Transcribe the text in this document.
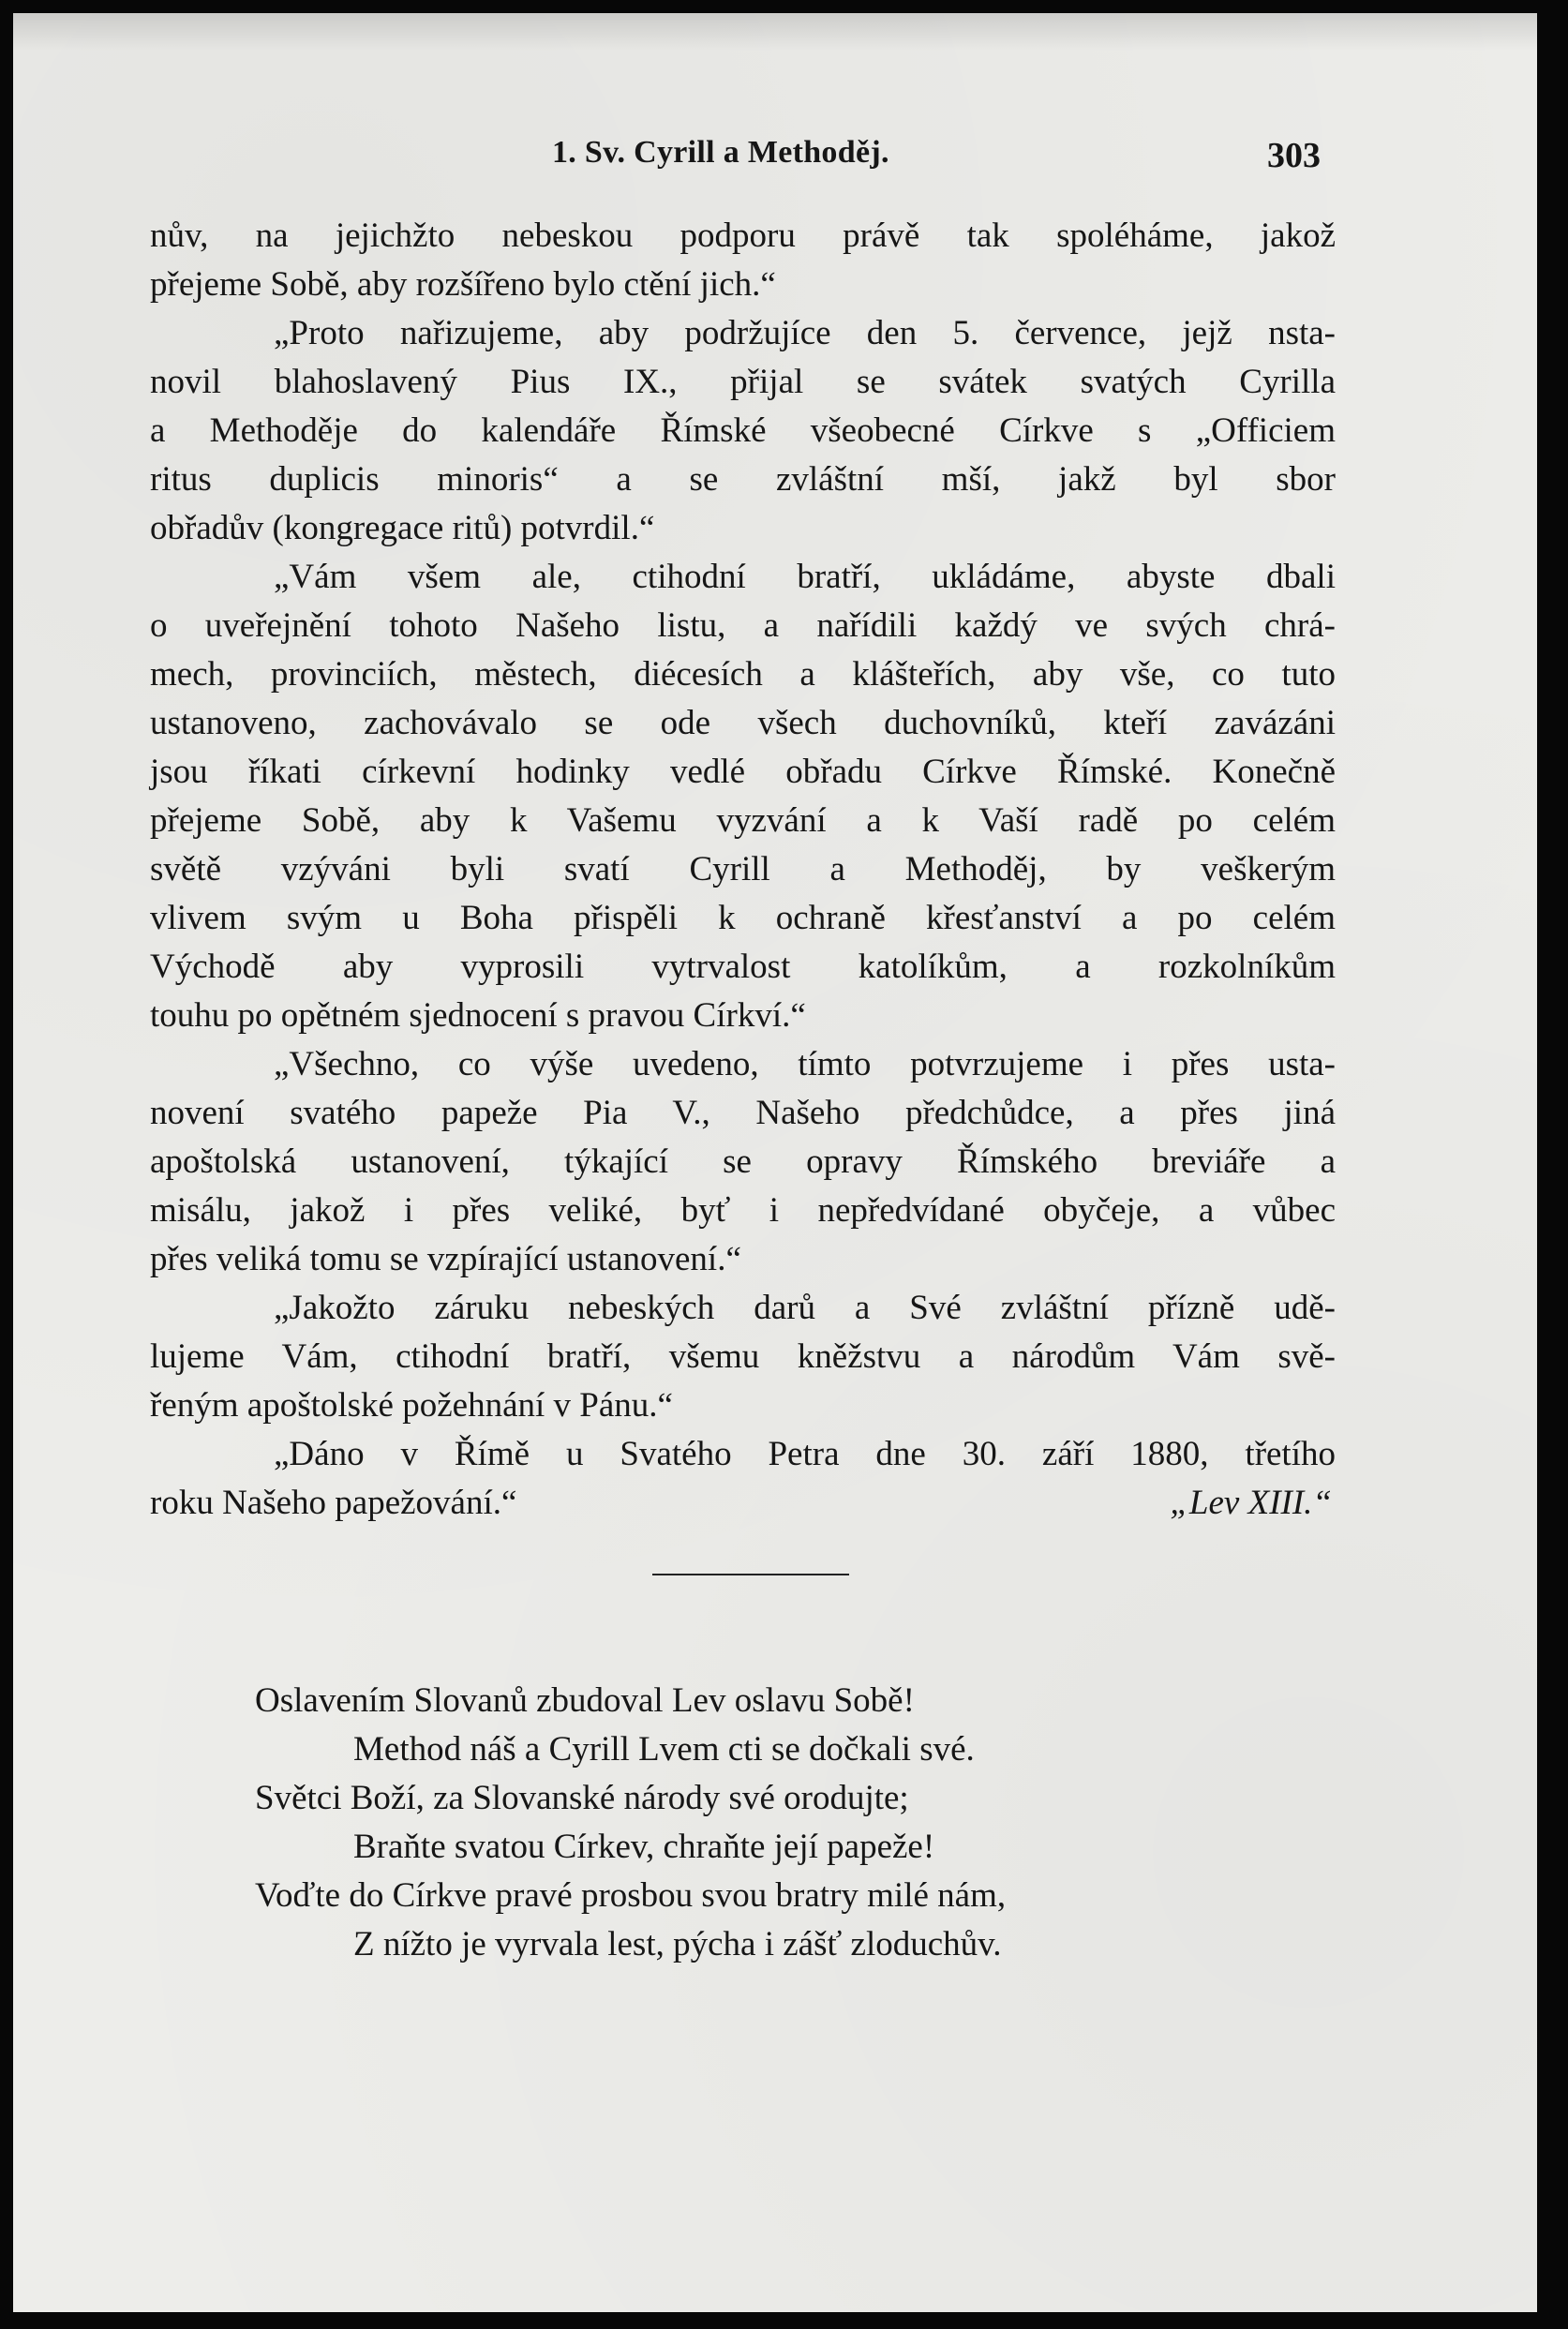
1. Sv. Cyrill a Methoděj.	303
nův, na jejichžto nebeskou podporu právě tak spoléháme, jakož
přejeme Sobě, aby rozšířeno bylo ctění jich.“
„Proto nařizujeme, aby podržujíce den 5. července, jejž nsta-
novil blahoslavený Pius IX., přijal se svátek svatých Cyrilla
a Methoděje do kalendáře Římské všeobecné Církve s „Officiem
ritus duplicis minoris“ a se zvláštní mší, jakž byl sbor
obřadův (kongregace ritů) potvrdil.“
„Vám všem ale, ctihodní bratří, ukládáme, abyste dbali
o uveřejnění tohoto Našeho listu, a nařídili každý ve svých chrá-
mech, provinciích, městech, diécesích a klášteřích, aby vše, co tuto
ustanoveno, zachovávalo se ode všech duchovníků, kteří zavázáni
jsou říkati církevní hodinky vedlé obřadu Církve Římské. Konečně
přejeme Sobě, aby k Vašemu vyzvání a k Vaší radě po celém
světě vzýváni byli svatí Cyrill a Methoděj, by veškerým
vlivem svým u Boha přispěli k ochraně křesťanství a po celém
Východě aby vyprosili vytrvalost katolíkům, a rozkolníkům
touhu po opětném sjednocení s pravou Církví.“
„Všechno, co výše uvedeno, tímto potvrzujeme i přes usta-
novení svatého papeže Pia V., Našeho předchůdce, a přes jiná
apoštolská ustanovení, týkající se opravy Římského breviáře a
misálu, jakož i přes veliké, byť i nepředvídané obyčeje, a vůbec
přes veliká tomu se vzpírající ustanovení.“
„Jakožto záruku nebeských darů a Své zvláštní přízně udě-
lujeme Vám, ctihodní bratří, všemu kněžstvu a národům Vám svě-
řeným apoštolské požehnání v Pánu.“
„Dáno v Římě u Svatého Petra dne 30. září 1880, třetího
roku Našeho papežování.“	„Lev XIII.“
Oslavením Slovanů zbudoval Lev oslavu Sobě!
Method náš a Cyrill Lvem cti se dočkali své.
Světci Boží, za Slovanské národy své orodujte;
Braňte svatou Církev, chraňte její papeže!
Voďte do Církve pravé prosbou svou bratry milé nám,
Z nížto je vyrvala lest, pýcha i zášť zloduchův.
